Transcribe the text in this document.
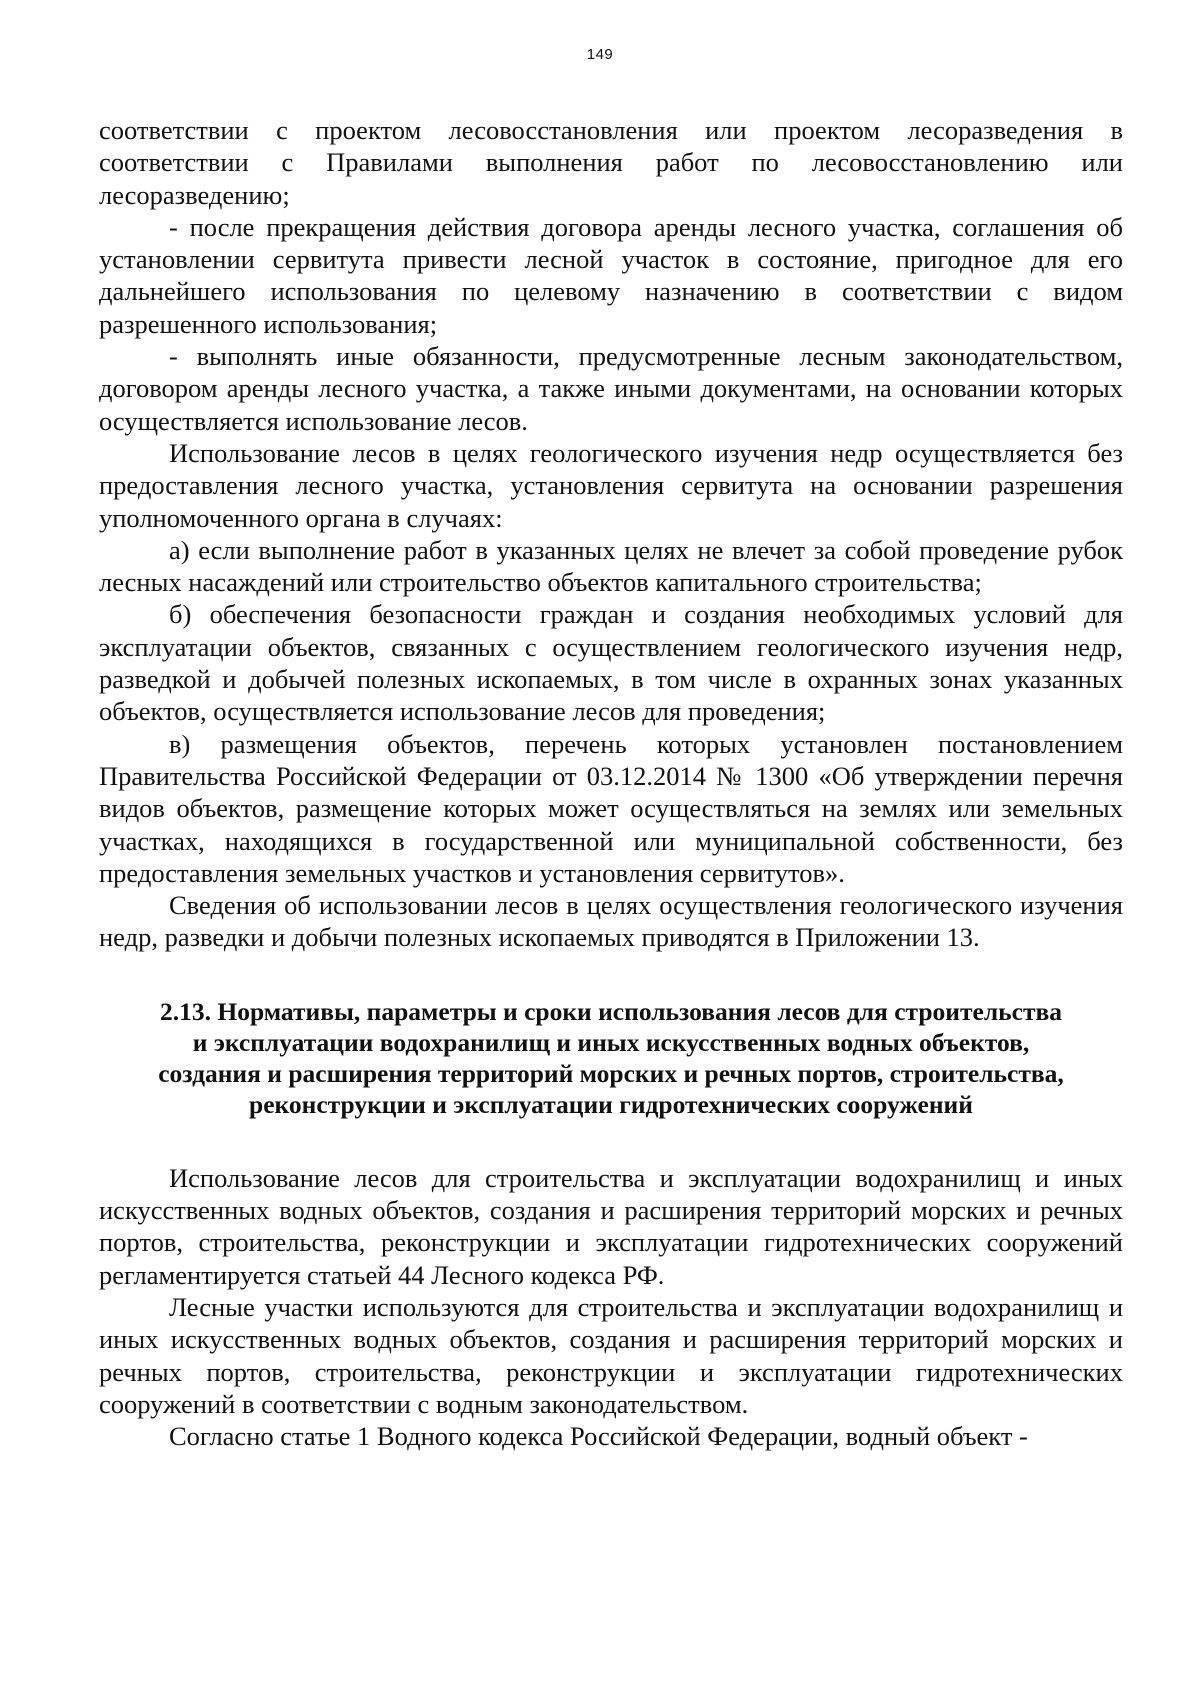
149

соответствии с проектом лесовосстановления или проектом лесоразведения в соответствии с Правилами выполнения работ по лесовосстановлению или лесоразведению;

- после прекращения действия договора аренды лесного участка, соглашения об установлении сервитута привести лесной участок в состояние, пригодное для его дальнейшего использования по целевому назначению в соответствии с видом разрешенного использования;

- выполнять иные обязанности, предусмотренные лесным законодательством, договором аренды лесного участка, а также иными документами, на основании которых осуществляется использование лесов.

Использование лесов в целях геологического изучения недр осуществляется без предоставления лесного участка, установления сервитута на основании разрешения уполномоченного органа в случаях:

а) если выполнение работ в указанных целях не влечет за собой проведение рубок лесных насаждений или строительство объектов капитального строительства;

б) обеспечения безопасности граждан и создания необходимых условий для эксплуатации объектов, связанных с осуществлением геологического изучения недр, разведкой и добычей полезных ископаемых, в том числе в охранных зонах указанных объектов, осуществляется использование лесов для проведения;

в) размещения объектов, перечень которых установлен постановлением Правительства Российской Федерации от 03.12.2014 № 1300 «Об утверждении перечня видов объектов, размещение которых может осуществляться на землях или земельных участках, находящихся в государственной или муниципальной собственности, без предоставления земельных участков и установления сервитутов».

Сведения об использовании лесов в целях осуществления геологического изучения недр, разведки и добычи полезных ископаемых приводятся в Приложении 13.

2.13. Нормативы, параметры и сроки использования лесов для строительства
и эксплуатации водохранилищ и иных искусственных водных объектов,
создания и расширения территорий морских и речных портов, строительства,
реконструкции и эксплуатации гидротехнических сооружений

Использование лесов для строительства и эксплуатации водохранилищ и иных искусственных водных объектов, создания и расширения территорий морских и речных портов, строительства, реконструкции и эксплуатации гидротехнических сооружений регламентируется статьей 44 Лесного кодекса РФ.

Лесные участки используются для строительства и эксплуатации водохранилищ и иных искусственных водных объектов, создания и расширения территорий морских и речных портов, строительства, реконструкции и эксплуатации гидротехнических сооружений в соответствии с водным законодательством.

Согласно статье 1 Водного кодекса Российской Федерации, водный объект -
